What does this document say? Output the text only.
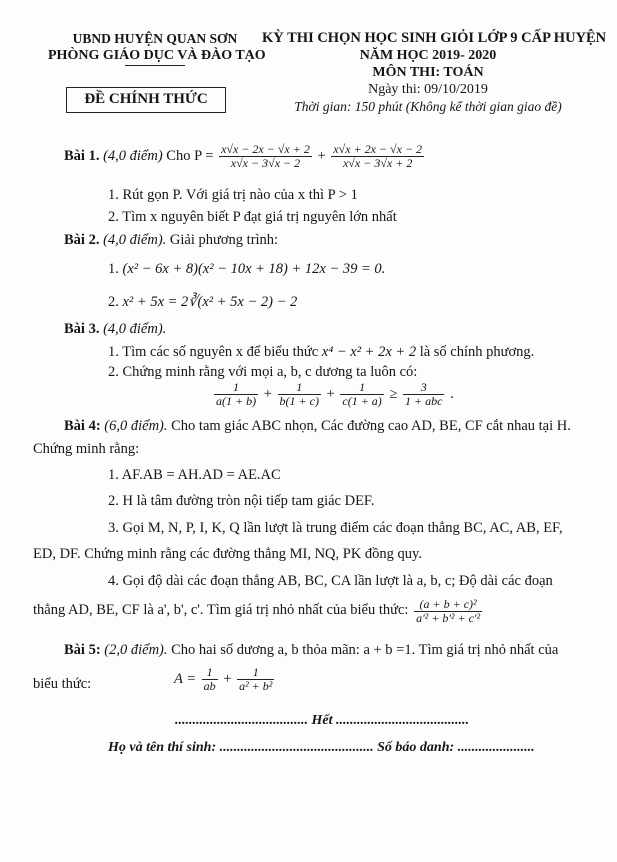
UBND HUYỆN QUAN SƠN
PHÒNG GIÁO DỤC VÀ ĐÀO TẠO
ĐỀ CHÍNH THỨC
KỲ THI CHỌN HỌC SINH GIỎI LỚP 9 CẤP HUYỆN
NĂM HỌC 2019- 2020
MÔN THI: TOÁN
Ngày thi: 09/10/2019
Thời gian: 150 phút (Không kể thời gian giao đề)
Bài 1. (4,0 điểm) Cho $P = \frac{x√x - 2x - √x + 2}{x√x - 3√x - 2} + \frac{x√x + 2x - √x - 2}{x√x - 3√x + 2}$
1. Rút gọn P. Với giá trị nào của x thì P > 1
2. Tìm x nguyên biết P đạt giá trị nguyên lớn nhất
Bài 2. (4,0 điểm). Giải phương trình:
1. (x² − 6x + 8)(x² − 10x + 18) + 12x − 39 = 0.
2. x² + 5x = 2∛(x² + 5x − 2) − 2
Bài 3. (4,0 điểm).
1. Tìm các số nguyên x để biểu thức x⁴ − x² + 2x + 2 là số chính phương.
2. Chứng minh rằng với mọi a, b, c dương ta luôn có:
$\frac{1}{a(1 + b)} + \frac{1}{b(1 + c)} + \frac{1}{c(1 + a)} \ge \frac{3}{\text{1 + abc}}$ .
Bài 4: (6,0 điểm). Cho tam giác ABC nhọn, Các đường cao AD, BE, CF cắt nhau tại H.
Chứng minh rằng:
1. AF.AB = AH.AD = AE.AC
2. H là tâm đường tròn nội tiếp tam giác DEF.
3. Gọi M, N, P, I, K, Q lần lượt là trung điểm các đoạn thẳng BC, AC, AB, EF,
ED, DF. Chứng minh rằng các đường thẳng MI, NQ, PK đồng quy.
4. Gọi độ dài các đoạn thẳng AB, BC, CA lần lượt là a, b, c; Độ dài các đoạn
thẳng AD, BE, CF là a', b', c'. Tìm giá trị nhỏ nhất của biểu thức: $\frac{\text{(a + b + c)²}}{\text{a'² + b'² + c'²}}$
Bài 5: (2,0 điểm). Cho hai số dương a, b thỏa mãn: a + b =1. Tìm giá trị nhỏ nhất của
biểu thức:	$A = \frac{1}{ab} + \frac{1}{\text{a² + b²}}$
...................................... Hết ......................................
Họ và tên thí sinh: ............................................ Số báo danh: ......................
